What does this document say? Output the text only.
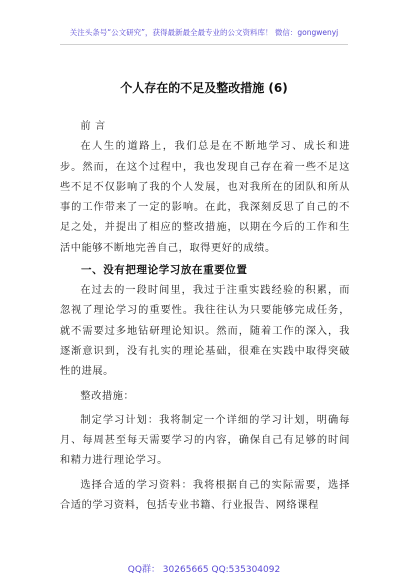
关注头条号“公文研究”，获得最新最全最专业的公文资料库！ 微信：gongwenyj
个人存在的不足及整改措施 (6)

前 言

在人生的道路上，我们总是在不断地学习、成长和进步。然而，在这个过程中，我也发现自己存在着一些不足这些不足不仅影响了我的个人发展，也对我所在的团队和所从事的工作带来了一定的影响。在此，我深刻反思了自己的不足之处，并提出了相应的整改措施，以期在今后的工作和生活中能够不断地完善自己，取得更好的成绩。

一、没有把理论学习放在重要位置

在过去的一段时间里，我过于注重实践经验的积累，而忽视了理论学习的重要性。我往往认为只要能够完成任务，就不需要过多地钻研理论知识。然而，随着工作的深入，我逐渐意识到，没有扎实的理论基础，很难在实践中取得突破性的进展。

整改措施：

制定学习计划：我将制定一个详细的学习计划，明确每月、每周甚至每天需要学习的内容，确保自己有足够的时间和精力进行理论学习。

选择合适的学习资料：我将根据自己的实际需要，选择合适的学习资料，包括专业书籍、行业报告、网络课程

QQ群： 30265665 QQ:535304092
